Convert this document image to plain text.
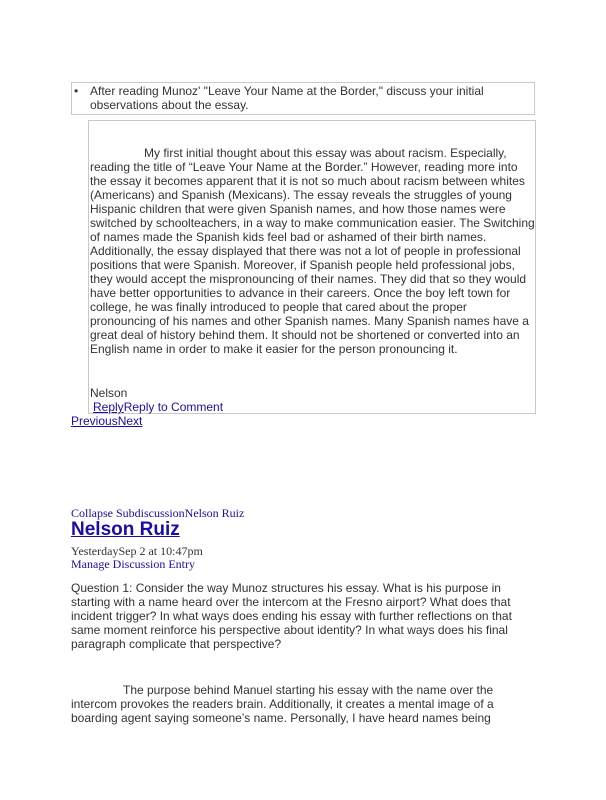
• After reading Munoz' "Leave Your Name at the Border," discuss your initial observations about the essay.

My first initial thought about this essay was about racism. Especially, reading the title of “Leave Your Name at the Border.” However, reading more into the essay it becomes apparent that it is not so much about racism between whites (Americans) and Spanish (Mexicans). The essay reveals the struggles of young Hispanic children that were given Spanish names, and how those names were switched by schoolteachers, in a way to make communication easier. The Switching of names made the Spanish kids feel bad or ashamed of their birth names. Additionally, the essay displayed that there was not a lot of people in professional positions that were Spanish. Moreover, if Spanish people held professional jobs, they would accept the mispronouncing of their names. They did that so they would have better opportunities to advance in their careers. Once the boy left town for college, he was finally introduced to people that cared about the proper pronouncing of his names and other Spanish names. Many Spanish names have a great deal of history behind them. It should not be shortened or converted into an English name in order to make it easier for the person pronouncing it.

Nelson
ReplyReply to Comment
PreviousNext
Collapse SubdiscussionNelson Ruiz
Nelson Ruiz
YesterdaySep 2 at 10:47pm
Manage Discussion Entry

Question 1: Consider the way Munoz structures his essay. What is his purpose in starting with a name heard over the intercom at the Fresno airport? What does that incident trigger? In what ways does ending his essay with further reflections on that same moment reinforce his perspective about identity? In what ways does his final paragraph complicate that perspective?

The purpose behind Manuel starting his essay with the name over the intercom provokes the readers brain. Additionally, it creates a mental image of a boarding agent saying someone’s name. Personally, I have heard names being
